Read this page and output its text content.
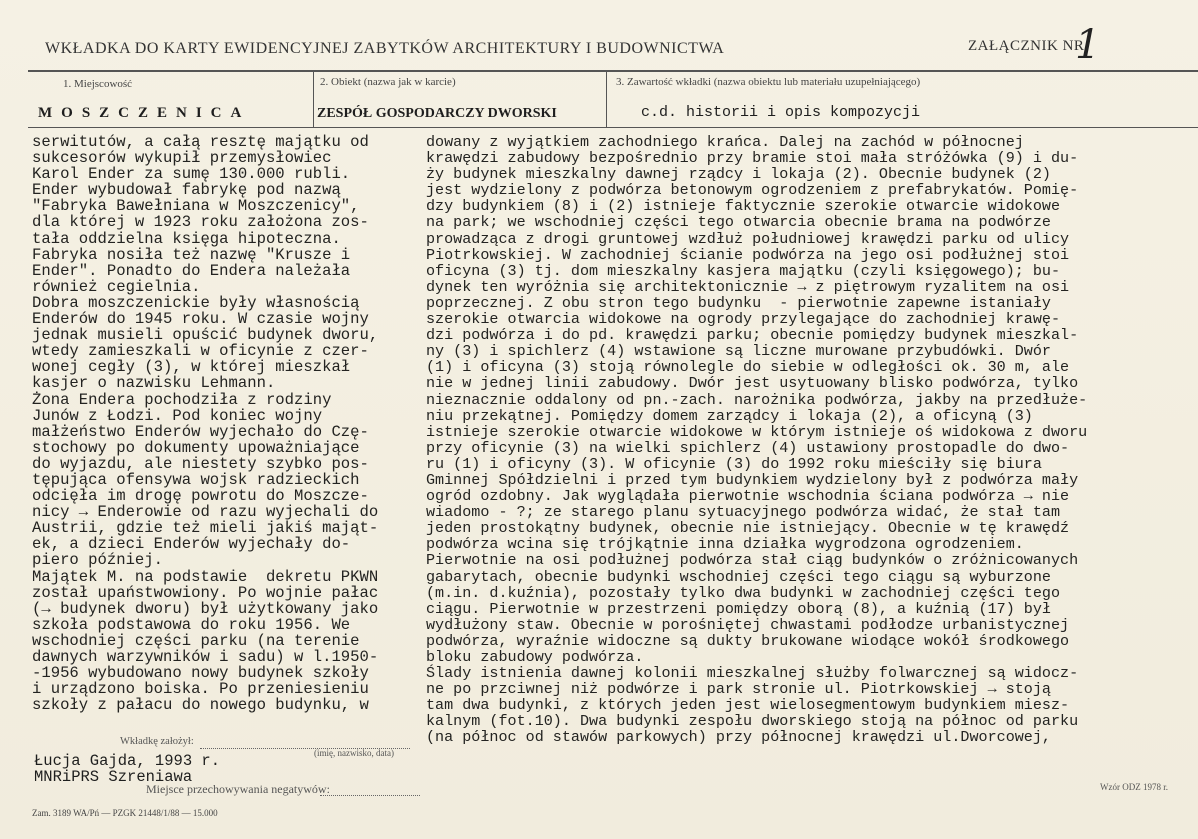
WKŁADKA DO KARTY EWIDENCYJNEJ ZABYTKÓW ARCHITEKTURY I BUDOWNICTWA	ZAŁĄCZNIK NR
1
1. Miejscowość	2. Obiekt (nazwa jak w karcie)	3. Zawartość wkładki (nazwa obiektu lub materiału uzupełniającego)
MOSZCZENICA	ZESPÓŁ GOSPODARCZY DWORSKI	c.d. historii i opis kompozycji
serwitutów, a całą resztę majątku od
sukcesorów wykupił przemysłowiec
Karol Ender za sumę 130.000 rubli.
Ender wybudował fabrykę pod nazwą
"Fabryka Bawełniana w Moszczenicy",
dla której w 1923 roku założona zos-
tała oddzielna księga hipoteczna.
Fabryka nosiła też nazwę "Krusze i
Ender". Ponadto do Endera należała
również cegielnia.
Dobra moszczenickie były własnością
Enderów do 1945 roku. W czasie wojny
jednak musieli opuścić budynek dworu,
wtedy zamieszkali w oficynie z czer-
wonej cegły (3), w której mieszkał
kasjer o nazwisku Lehmann.
Żona Endera pochodziła z rodziny
Junów z Łodzi. Pod koniec wojny
małżeństwo Enderów wyjechało do Czę-
stochowy po dokumenty upoważniające
do wyjazdu, ale niestety szybko pos-
tępująca ofensywa wojsk radzieckich
odcięła im drogę powrotu do Moszcze-
nicy → Enderowie od razu wyjechali do
Austrii, gdzie też mieli jakiś mająt-
ek, a dzieci Enderów wyjechały do-
piero później.
Majątek M. na podstawie  dekretu PKWN
został upaństwowiony. Po wojnie pałac
(→ budynek dworu) był użytkowany jako
szkoła podstawowa do roku 1956. We
wschodniej części parku (na terenie
dawnych warzywników i sadu) w l.1950-
-1956 wybudowano nowy budynek szkoły
i urządzono boiska. Po przeniesieniu
szkoły z pałacu do nowego budynku, w
dowany z wyjątkiem zachodniego krańca. Dalej na zachód w północnej
krawędzi zabudowy bezpośrednio przy bramie stoi mała stróżówka (9) i du-
ży budynek mieszkalny dawnej rządcy i lokaja (2). Obecnie budynek (2)
jest wydzielony z podwórza betonowym ogrodzeniem z prefabrykatów. Pomię-
dzy budynkiem (8) i (2) istnieje faktycznie szerokie otwarcie widokowe
na park; we wschodniej części tego otwarcia obecnie brama na podwórze
prowadząca z drogi gruntowej wzdłuż południowej krawędzi parku od ulicy
Piotrkowskiej. W zachodniej ścianie podwórza na jego osi podłużnej stoi
oficyna (3) tj. dom mieszkalny kasjera majątku (czyli księgowego); bu-
dynek ten wyróżnia się architektonicznie → z piętrowym ryzalitem na osi
poprzecznej. Z obu stron tego budynku  - pierwotnie zapewne istaniały
szerokie otwarcia widokowe na ogrody przylegające do zachodniej krawę-
dzi podwórza i do pd. krawędzi parku; obecnie pomiędzy budynek mieszkal-
ny (3) i spichlerz (4) wstawione są liczne murowane przybudówki. Dwór
(1) i oficyna (3) stoją równolegle do siebie w odległości ok. 30 m, ale
nie w jednej linii zabudowy. Dwór jest usytuowany blisko podwórza, tylko
nieznacznie oddalony od pn.-zach. narożnika podwórza, jakby na przedłuże-
niu przekątnej. Pomiędzy domem zarządcy i lokaja (2), a oficyną (3)
istnieje szerokie otwarcie widokowe w którym istnieje oś widokowa z dworu
przy oficynie (3) na wielki spichlerz (4) ustawiony prostopadle do dwo-
ru (1) i oficyny (3). W oficynie (3) do 1992 roku mieściły się biura
Gminnej Spółdzielni i przed tym budynkiem wydzielony był z podwórza mały
ogród ozdobny. Jak wyglądała pierwotnie wschodnia ściana podwórza → nie
wiadomo - ?; ze starego planu sytuacyjnego podwórza widać, że stał tam
jeden prostokątny budynek, obecnie nie istniejący. Obecnie w tę krawędź
podwórza wcina się trójkątnie inna działka wygrodzona ogrodzeniem.
Pierwotnie na osi podłużnej podwórza stał ciąg budynków o zróżnicowanych
gabarytach, obecnie budynki wschodniej części tego ciągu są wyburzone
(m.in. d.kuźnia), pozostały tylko dwa budynki w zachodniej części tego
ciągu. Pierwotnie w przestrzeni pomiędzy oborą (8), a kuźnią (17) był
wydłużony staw. Obecnie w porośniętej chwastami podłodze urbanistycznej
podwórza, wyraźnie widoczne są dukty brukowane wiodące wokół środkowego
bloku zabudowy podwórza.
Ślady istnienia dawnej kolonii mieszkalnej służby folwarcznej są widocz-
ne po przciwnej niż podwórze i park stronie ul. Piotrkowskiej → stoją
tam dwa budynki, z których jeden jest wielosegmentowym budynkiem miesz-
kalnym (fot.10). Dwa budynki zespołu dworskiego stoją na północ od parku
(na północ od stawów parkowych) przy północnej krawędzi ul.Dworcowej,
Wkładkę założył:
(imię, nazwisko, data)
Łucja Gajda, 1993 r.
MNRiPRS Szreniawa
Miejsce przechowywania negatywów:	Wzór ODZ 1978 r.
Zam. 3189 WA/Pń — PZGK 21448/1/88 — 15.000
